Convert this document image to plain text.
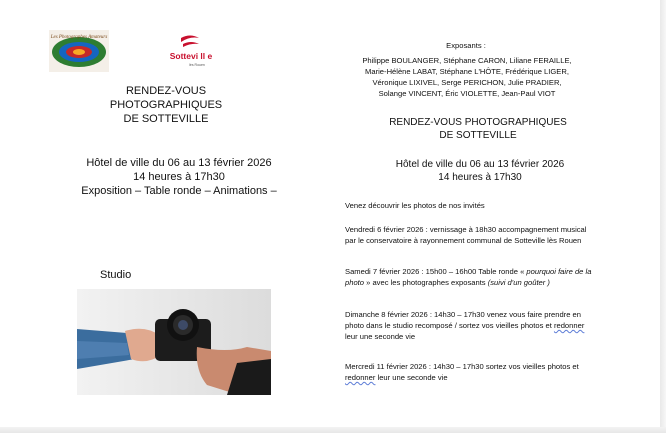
Les Photographes Amateurs
Sottevi ll e
lès Rouen
RENDEZ-VOUS
PHOTOGRAPHIQUES
DE SOTTEVILLE
Hôtel de ville du 06 au 13 février 2026
14 heures à 17h30
Exposition – Table ronde – Animations –
Studio
Exposants :
Philippe BOULANGER, Stéphane CARON, Liliane FERAILLE,
Marie-Hélène LABAT, Stéphane L'HÔTE, Frédérique LIGER,
Véronique LIXIVEL, Serge PERICHON, Julie PRADIER,
Solange VINCENT, Éric VIOLETTE, Jean-Paul VIOT
RENDEZ-VOUS PHOTOGRAPHIQUES
DE SOTTEVILLE
Hôtel de ville du 06 au 13 février 2026
14 heures à 17h30
Venez découvrir les photos de nos invités
Vendredi 6 février 2026 : vernissage à 18h30 accompagnement musical
par le conservatoire à rayonnement communal de Sotteville lès Rouen
Samedi 7 février 2026 : 15h00 – 16h00 Table ronde « pourquoi faire de la
photo » avec les photographes exposants (suivi d'un goûter )
Dimanche 8 février 2026 : 14h30 – 17h30 venez vous faire prendre en
photo dans le studio recomposé / sortez vos vieilles photos et redonner
leur une seconde vie
Mercredi 11 février 2026 : 14h30 – 17h30 sortez vos vieilles photos et
redonner leur une seconde vie
